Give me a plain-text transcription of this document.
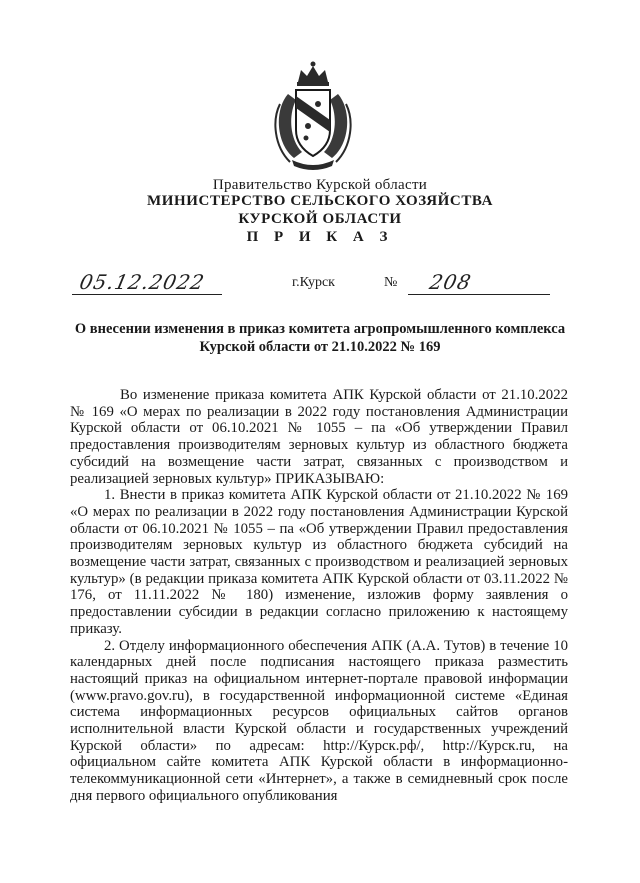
Правительство Курской области
МИНИСТЕРСТВО СЕЛЬСКОГО ХОЗЯЙСТВА
КУРСКОЙ ОБЛАСТИ
П Р И К А З
05.12.2022	г.Курск	№ 208
О внесении изменения в приказ комитета агропромышленного комплекса Курской области от 21.10.2022 № 169

Во изменение приказа комитета АПК Курской области от 21.10.2022 № 169 «О мерах по реализации в 2022 году постановления Администрации Курской области от 06.10.2021 № 1055 – па «Об утверждении Правил предоставления производителям зерновых культур из областного бюджета субсидий на возмещение части затрат, связанных с производством и реализацией зерновых культур» ПРИКАЗЫВАЮ:

1. Внести в приказ комитета АПК Курской области от 21.10.2022 № 169 «О мерах по реализации в 2022 году постановления Администрации Курской области от 06.10.2021 № 1055 – па «Об утверждении Правил предоставления производителям зерновых культур из областного бюджета субсидий на возмещение части затрат, связанных с производством и реализацией зерновых культур» (в редакции приказа комитета АПК Курской области от 03.11.2022 № 176, от 11.11.2022 № 180) изменение, изложив форму заявления о предоставлении субсидии в редакции согласно приложению к настоящему приказу.

2. Отделу информационного обеспечения АПК (А.А. Тутов) в течение 10 календарных дней после подписания настоящего приказа разместить настоящий приказ на официальном интернет-портале правовой информации (www.pravo.gov.ru), в государственной информационной системе «Единая система информационных ресурсов официальных сайтов органов исполнительной власти Курской области и государственных учреждений Курской области» по адресам: http://Курск.рф/, http://Курск.ru, на официальном сайте комитета АПК Курской области в информационно-телекоммуникационной сети «Интернет», а также в семидневный срок после дня первого официального опубликования
